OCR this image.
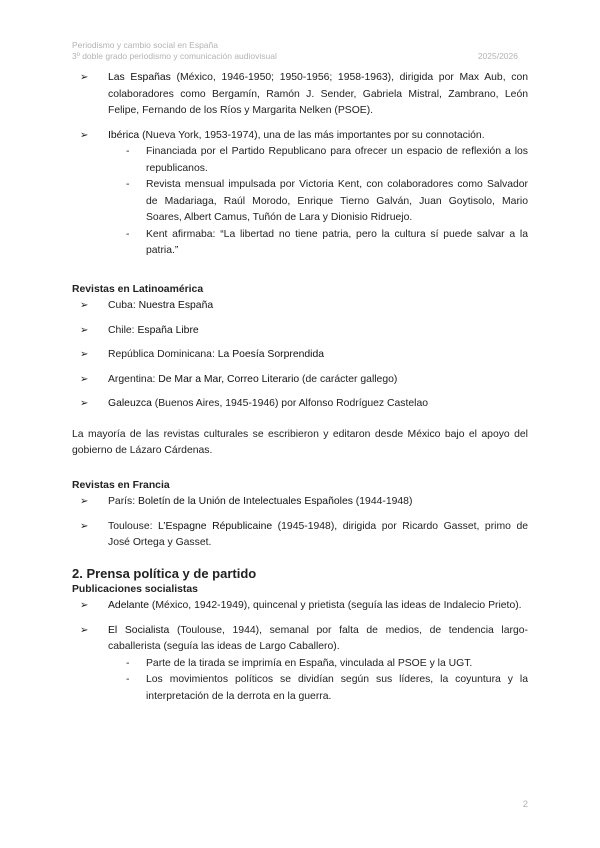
Periodismo y cambio social en España
3º doble grado periodismo y comunicación audiovisual	2025/2026
➢ Las Españas (México, 1946-1950; 1950-1956; 1958-1963), dirigida por Max Aub, con colaboradores como Bergamín, Ramón J. Sender, Gabriela Mistral, Zambrano, León Felipe, Fernando de los Ríos y Margarita Nelken (PSOE).
➢ Ibérica (Nueva York, 1953-1974), una de las más importantes por su connotación.
- Financiada por el Partido Republicano para ofrecer un espacio de reflexión a los republicanos.
- Revista mensual impulsada por Victoria Kent, con colaboradores como Salvador de Madariaga, Raúl Morodo, Enrique Tierno Galván, Juan Goytisolo, Mario Soares, Albert Camus, Tuñón de Lara y Dionisio Ridruejo.
- Kent afirmaba: “La libertad no tiene patria, pero la cultura sí puede salvar a la patria.”
Revistas en Latinoamérica
➢ Cuba: Nuestra España
➢ Chile: España Libre
➢ República Dominicana: La Poesía Sorprendida
➢ Argentina: De Mar a Mar, Correo Literario (de carácter gallego)
➢ Galeuzca (Buenos Aires, 1945-1946) por Alfonso Rodríguez Castelao
La mayoría de las revistas culturales se escribieron y editaron desde México bajo el apoyo del gobierno de Lázaro Cárdenas.
Revistas en Francia
➢ París: Boletín de la Unión de Intelectuales Españoles (1944-1948)
➢ Toulouse: L’Espagne Républicaine (1945-1948), dirigida por Ricardo Gasset, primo de José Ortega y Gasset.
2. Prensa política y de partido
Publicaciones socialistas
➢ Adelante (México, 1942-1949), quincenal y prietista (seguía las ideas de Indalecio Prieto).
➢ El Socialista (Toulouse, 1944), semanal por falta de medios, de tendencia largo-caballerista (seguía las ideas de Largo Caballero).
- Parte de la tirada se imprimía en España, vinculada al PSOE y la UGT.
- Los movimientos políticos se dividían según sus líderes, la coyuntura y la interpretación de la derrota en la guerra.
2
